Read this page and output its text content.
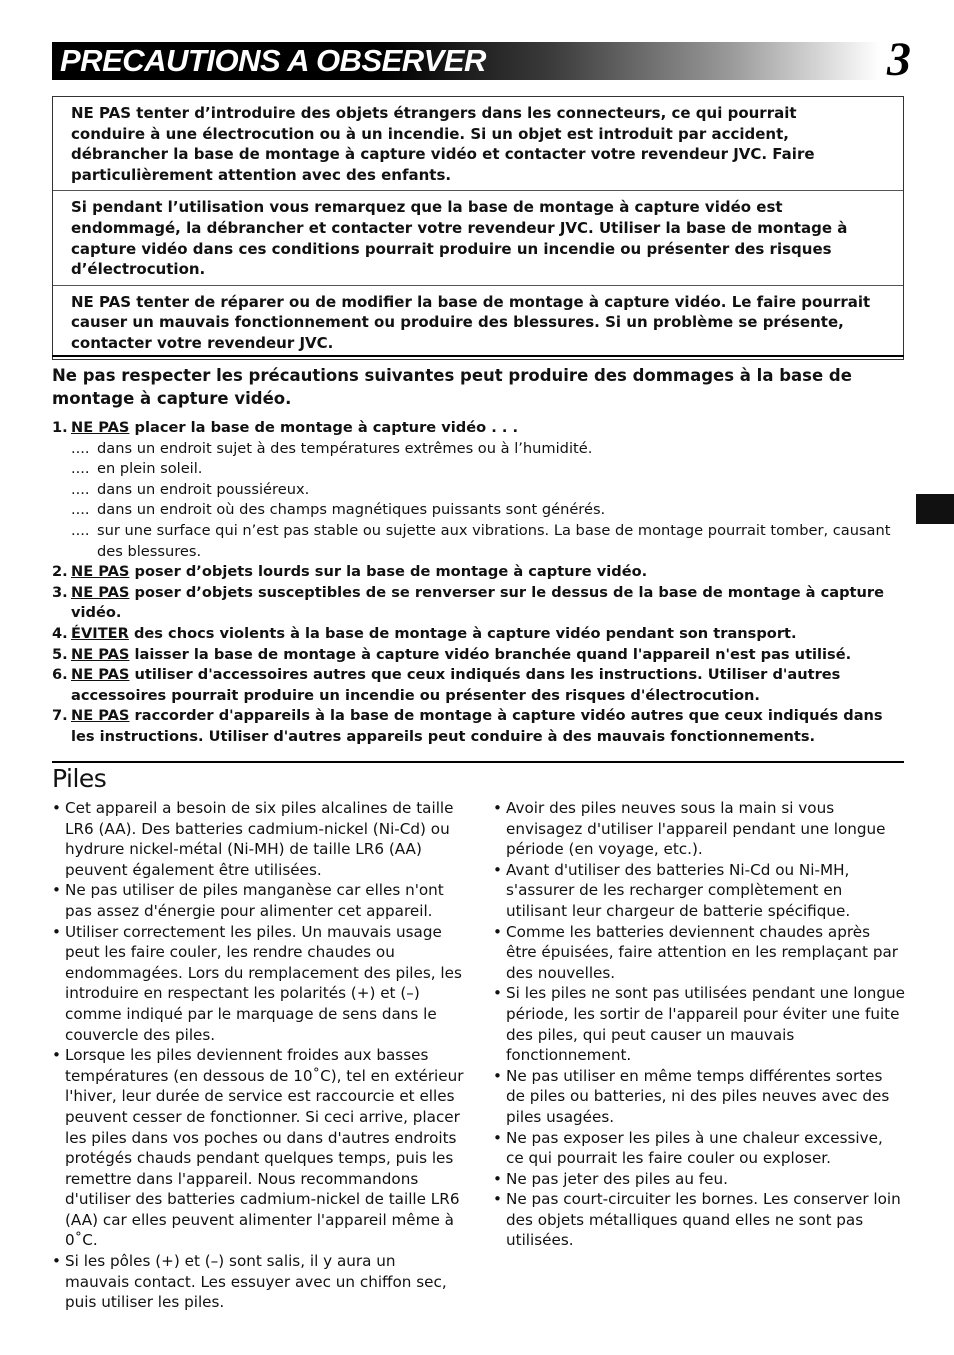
PRECAUTIONS A OBSERVER	3
NE PAS tenter d’introduire des objets étrangers dans les connecteurs, ce qui pourrait conduire à une électrocution ou à un incendie. Si un objet est introduit par accident, débrancher la base de montage à capture vidéo et contacter votre revendeur JVC. Faire particulièrement attention avec des enfants.
Si pendant l’utilisation vous remarquez que la base de montage à capture vidéo est endommagé, la débrancher et contacter votre revendeur JVC. Utiliser la base de montage à capture vidéo dans ces conditions pourrait produire un incendie ou présenter des risques d’électrocution.
NE PAS tenter de réparer ou de modifier la base de montage à capture vidéo. Le faire pourrait causer un mauvais fonctionnement ou produire des blessures. Si un problème se présente, contacter votre revendeur JVC.
Ne pas respecter les précautions suivantes peut produire des dommages à la base de montage à capture vidéo.
1. NE PAS placer la base de montage à capture vidéo . . .
.... dans un endroit sujet à des températures extrêmes ou à l’humidité.
.... en plein soleil.
.... dans un endroit poussiéreux.
.... dans un endroit où des champs magnétiques puissants sont générés.
.... sur une surface qui n’est pas stable ou sujette aux vibrations. La base de montage pourrait tomber, causant des blessures.
2. NE PAS poser d’objets lourds sur la base de montage à capture vidéo.
3. NE PAS poser d’objets susceptibles de se renverser sur le dessus de la base de montage à capture vidéo.
4. ÉVITER des chocs violents à la base de montage à capture vidéo pendant son transport.
5. NE PAS laisser la base de montage à capture vidéo branchée quand l'appareil n'est pas utilisé.
6. NE PAS utiliser d'accessoires autres que ceux indiqués dans les instructions. Utiliser d'autres accessoires pourrait produire un incendie ou présenter des risques d'électrocution.
7. NE PAS raccorder d'appareils à la base de montage à capture vidéo autres que ceux indiqués dans les instructions. Utiliser d'autres appareils peut conduire à des mauvais fonctionnements.
Piles
• Cet appareil a besoin de six piles alcalines de taille LR6 (AA). Des batteries cadmium-nickel (Ni-Cd) ou hydrure nickel-métal (Ni-MH) de taille LR6 (AA) peuvent également être utilisées.
• Ne pas utiliser de piles manganèse car elles n'ont pas assez d'énergie pour alimenter cet appareil.
• Utiliser correctement les piles. Un mauvais usage peut les faire couler, les rendre chaudes ou endommagées. Lors du remplacement des piles, les introduire en respectant les polarités (+) et (–) comme indiqué par le marquage de sens dans le couvercle des piles.
• Lorsque les piles deviennent froides aux basses températures (en dessous de 10˚C), tel en extérieur l'hiver, leur durée de service est raccourcie et elles peuvent cesser de fonctionner. Si ceci arrive, placer les piles dans vos poches ou dans d'autres endroits protégés chauds pendant quelques temps, puis les remettre dans l'appareil. Nous recommandons d'utiliser des batteries cadmium-nickel de taille LR6 (AA) car elles peuvent alimenter l'appareil même à 0˚C.
• Si les pôles (+) et (–) sont salis, il y aura un mauvais contact. Les essuyer avec un chiffon sec, puis utiliser les piles.
• Avoir des piles neuves sous la main si vous envisagez d'utiliser l'appareil pendant une longue période (en voyage, etc.).
• Avant d'utiliser des batteries Ni-Cd ou Ni-MH, s'assurer de les recharger complètement en utilisant leur chargeur de batterie spécifique.
• Comme les batteries deviennent chaudes après être épuisées, faire attention en les remplaçant par des nouvelles.
• Si les piles ne sont pas utilisées pendant une longue période, les sortir de l'appareil pour éviter une fuite des piles, qui peut causer un mauvais fonctionnement.
• Ne pas utiliser en même temps différentes sortes de piles ou batteries, ni des piles neuves avec des piles usagées.
• Ne pas exposer les piles à une chaleur excessive, ce qui pourrait les faire couler ou exploser.
• Ne pas jeter des piles au feu.
• Ne pas court-circuiter les bornes. Les conserver loin des objets métalliques quand elles ne sont pas utilisées.
